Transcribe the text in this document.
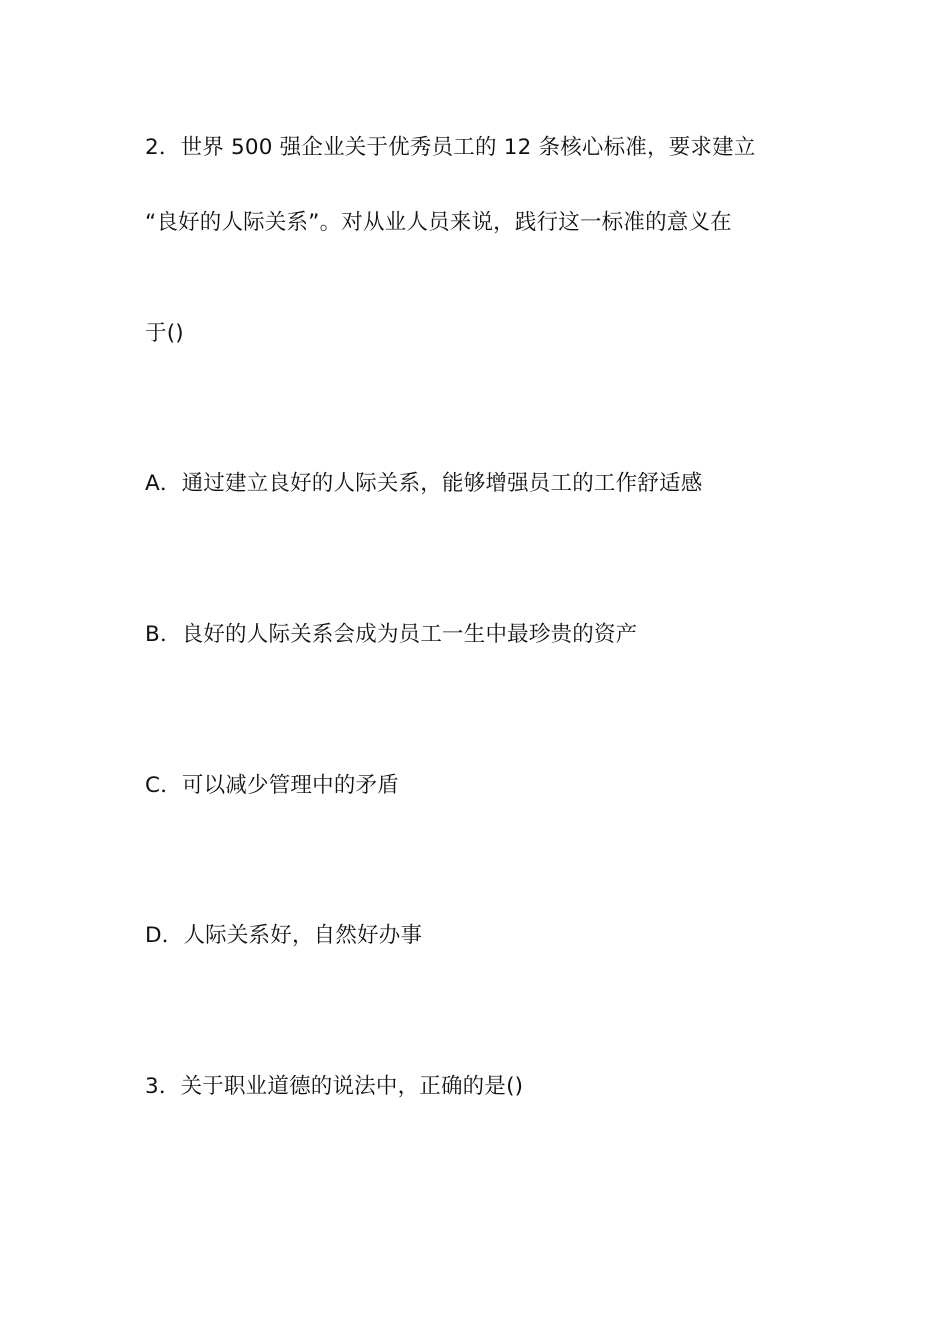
2．世界 500 强企业关于优秀员工的 12 条核心标准，要求建立
“良好的人际关系”。对从业人员来说，践行这一标准的意义在
于()
A．通过建立良好的人际关系，能够增强员工的工作舒适感
B．良好的人际关系会成为员工一生中最珍贵的资产
C．可以减少管理中的矛盾
D．人际关系好，自然好办事
3．关于职业道德的说法中，正确的是()
